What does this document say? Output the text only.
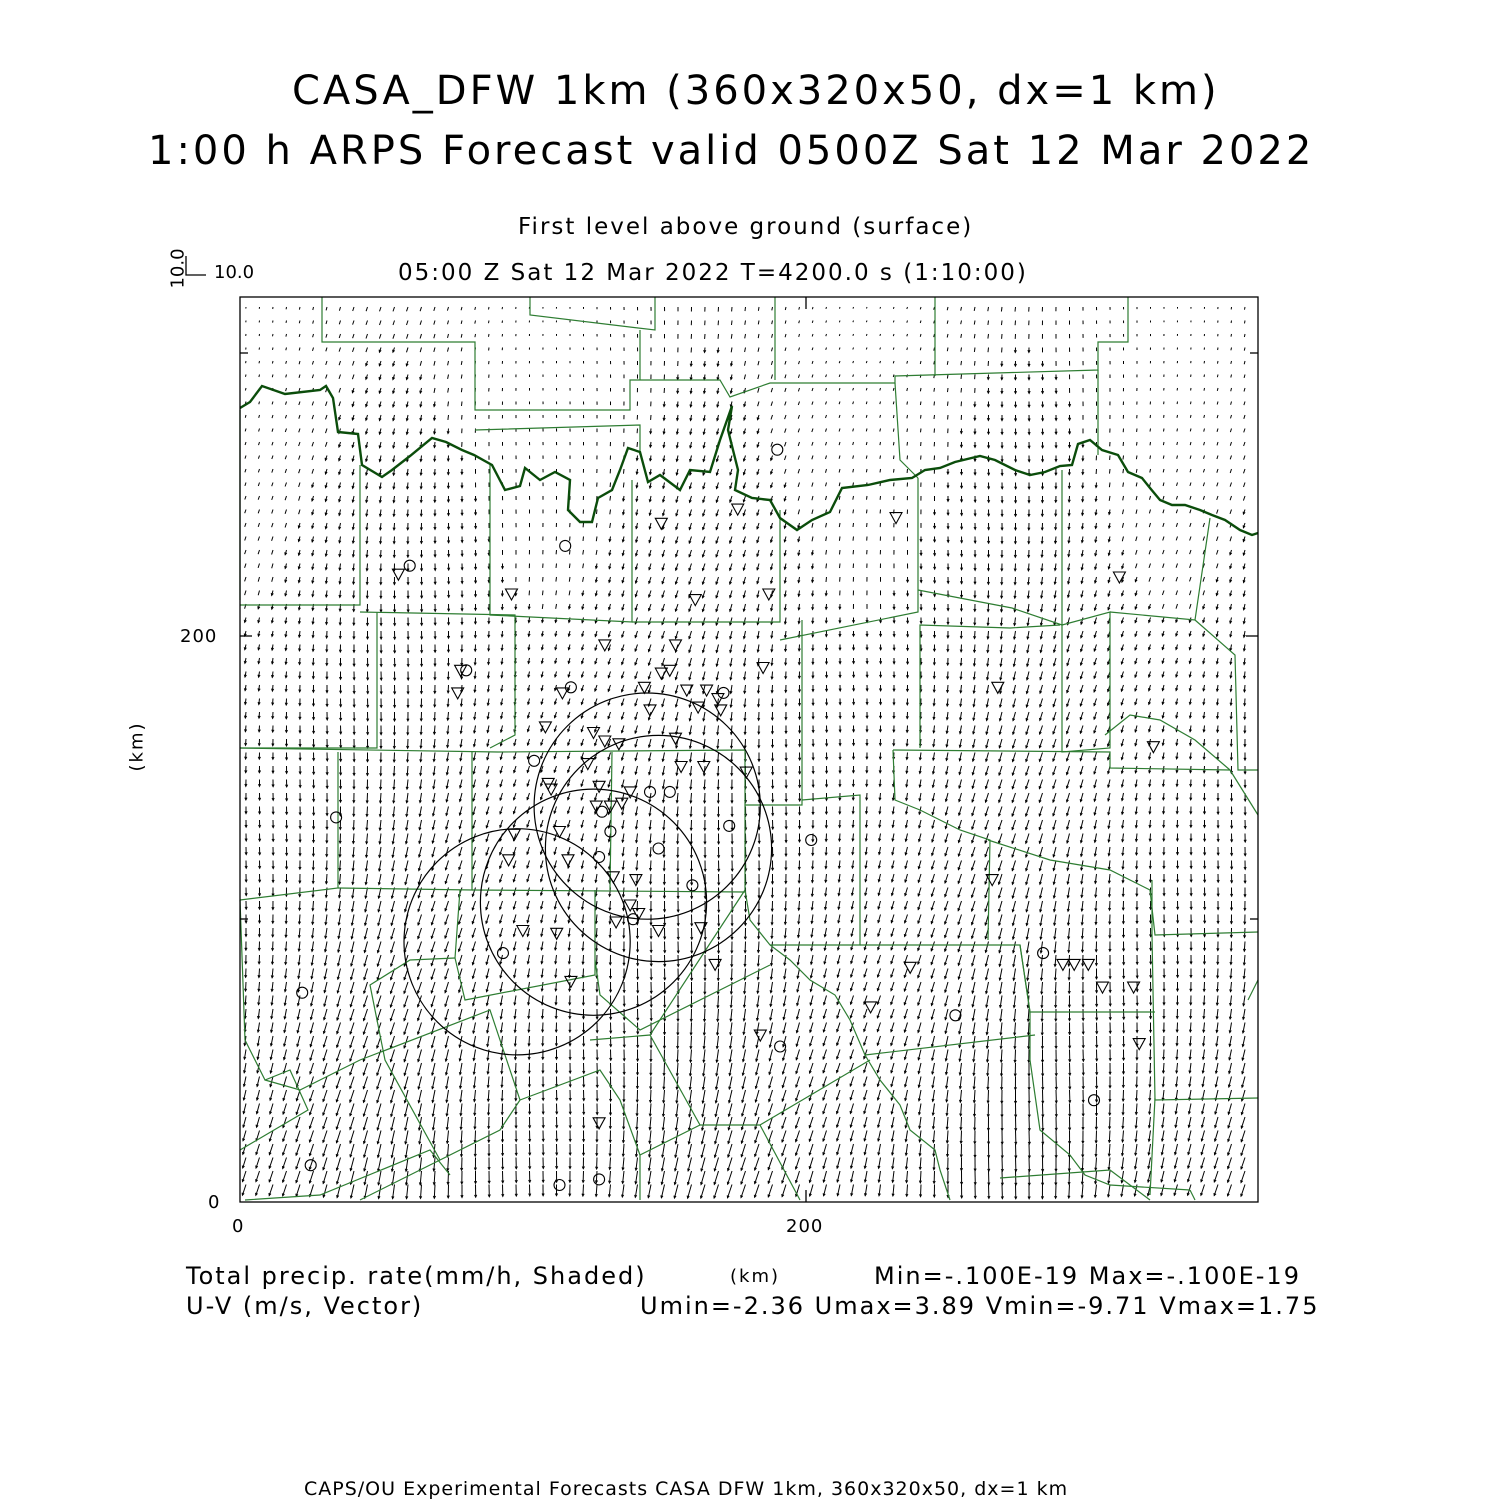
CASA_DFW 1km (360x320x50, dx=1 km)
1:00 h ARPS Forecast valid 0500Z Sat 12 Mar 2022
First level above ground (surface)
05:00 Z Sat 12 Mar 2022 T=4200.0 s (1:10:00)
10.0
10.0
(km)
200
0
0	200
(km)
Total precip. rate(mm/h, Shaded)	Min=-.100E-19 Max=-.100E-19
U-V (m/s, Vector)	Umin=-2.36 Umax=3.89 Vmin=-9.71 Vmax=1.75
CAPS/OU Experimental Forecasts CASA DFW 1km, 360x320x50, dx=1 km
